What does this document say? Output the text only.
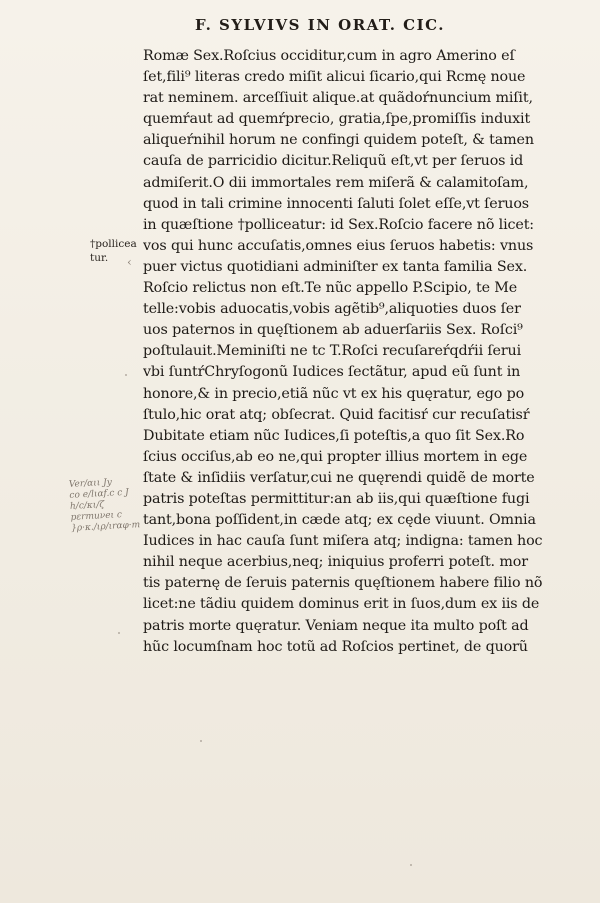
F. SYLVIVS IN ORAT. CIC.
†pollicea
tur. ‹
Ver/αιι Jy
co e/lιαf.c c J
h/c/κι/ζ
pεrmuνeι c
}ρ·κ./ιρ/ιrαφ·m
Romæ Sex.Roſcius occiditur,cum in agro Amerino eſ
ſet,fili⁹ literas credo miſit alicui ſicario,qui Rcmę noue
rat neminem. arceſſiuit alique.at quãdoŕnuncium miſit,
quemŕaut ad quemŕprecio, gratia,ſpe,promiſſis induxit
aliqueŕnihil horum ne confingi quidem poteſt, & tamen
cauſa de parricidio dicitur.Reliquũ eſt,vt per ſeruos id
admiſerit.O dii immortales rem miſerã & calamitoſam,
quod in tali crimine innocenti ſaluti ſolet eſſe,vt ſeruos
in quæſtione †polliceatur: id Sex.Roſcio facere nõ licet:
vos qui hunc accuſatis,omnes eius ſeruos habetis: vnus
puer victus quotidiani adminiſter ex tanta familia Sex.
Roſcio relictus non eſt.Te nũc appello P.Scipio, te Me
telle:vobis aduocatis,vobis agẽtib⁹,aliquoties duos ſer
uos paternos in quęſtionem ab aduerſariis Sex. Roſci⁹
poſtulauit.Meminiſti ne tc T.Roſci recuſareŕqdŕii ſerui
vbi ſuntŕChryſogonũ Iudices ſectãtur, apud eũ ſunt in
honore,& in precio,etiã nũc vt ex his quęratur, ego po
ſtulo,hic orat atq; obſecrat. Quid facitisŕ cur recuſatisŕ
Dubitate etiam nũc Iudices,ſi poteſtis,a quo ſit Sex.Ro
ſcius occiſus,ab eo ne,qui propter illius mortem in ege
ſtate & inſidiis verſatur,cui ne quęrendi quidẽ de morte
patris poteſtas permittitur:an ab iis,qui quæſtione fugi
tant,bona poſſident,in cæde atq; ex cęde viuunt. Omnia
Iudices in hac cauſa ſunt miſera atq; indigna: tamen hoc
nihil neque acerbius,neq; iniquius proferri poteſt. mor
tis paternę de ſeruis paternis quęſtionem habere filio nõ
licet:ne tãdiu quidem dominus erit in ſuos,dum ex iis de
patris morte quęratur. Veniam neque ita multo poſt ad
hũc locumſnam hoc totũ ad Roſcios pertinet, de quorũ
